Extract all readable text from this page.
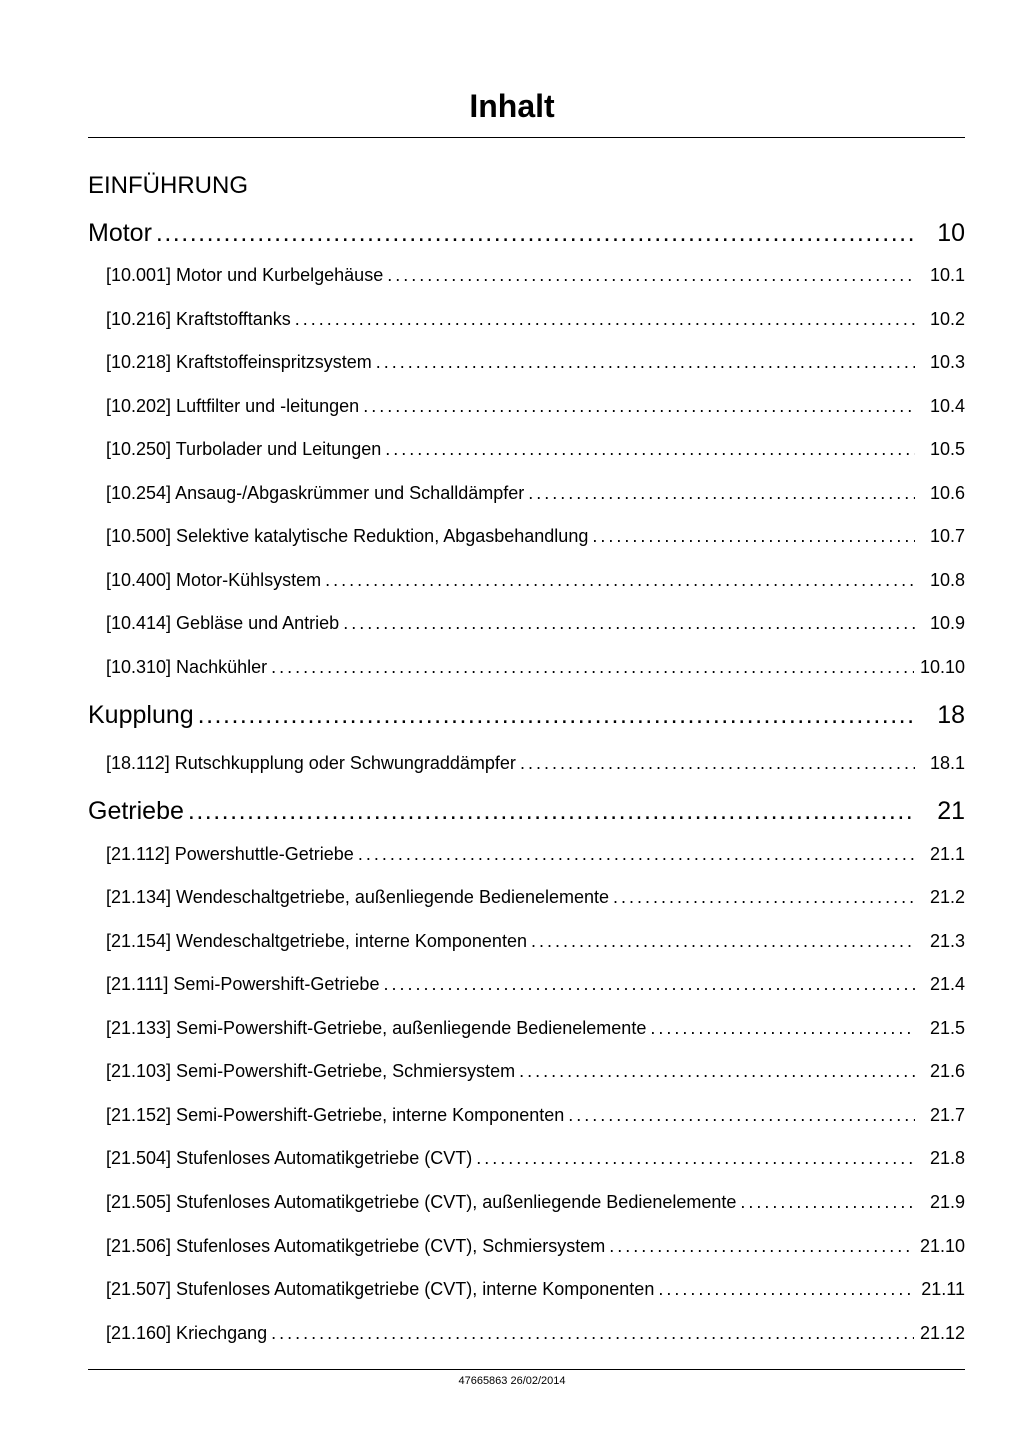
Inhalt
EINFÜHRUNG
Motor .....	10
[10.001] Motor und Kurbelgehäuse .....	10.1
[10.216] Kraftstofftanks .....	10.2
[10.218] Kraftstoffeinspritzsystem .....	10.3
[10.202] Luftfilter und -leitungen .....	10.4
[10.250] Turbolader und Leitungen .....	10.5
[10.254] Ansaug-/Abgaskrümmer und Schalldämpfer .....	10.6
[10.500] Selektive katalytische Reduktion, Abgasbehandlung .....	10.7
[10.400] Motor-Kühlsystem .....	10.8
[10.414] Gebläse und Antrieb .....	10.9
[10.310] Nachkühler .....	10.10
Kupplung .....	18
[18.112] Rutschkupplung oder Schwungraddämpfer .....	18.1
Getriebe .....	21
[21.112] Powershuttle-Getriebe .....	21.1
[21.134] Wendeschaltgetriebe, außenliegende Bedienelemente .....	21.2
[21.154] Wendeschaltgetriebe, interne Komponenten .....	21.3
[21.111] Semi-Powershift-Getriebe .....	21.4
[21.133] Semi-Powershift-Getriebe, außenliegende Bedienelemente .....	21.5
[21.103] Semi-Powershift-Getriebe, Schmiersystem .....	21.6
[21.152] Semi-Powershift-Getriebe, interne Komponenten .....	21.7
[21.504] Stufenloses Automatikgetriebe (CVT) .....	21.8
[21.505] Stufenloses Automatikgetriebe (CVT), außenliegende Bedienelemente .....	21.9
[21.506] Stufenloses Automatikgetriebe (CVT), Schmiersystem .....	21.10
[21.507] Stufenloses Automatikgetriebe (CVT), interne Komponenten .....	21.11
[21.160] Kriechgang .....	21.12
47665863 26/02/2014
